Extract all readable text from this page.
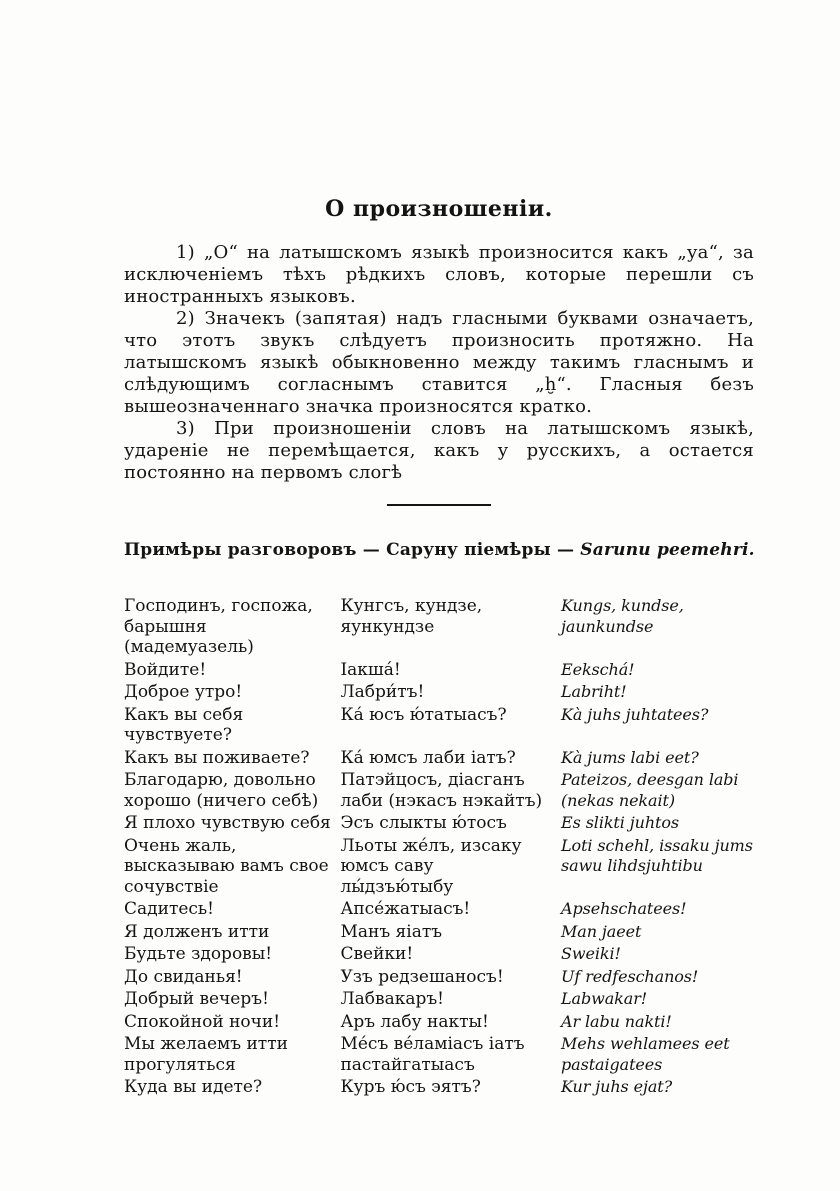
О произношеніи.

1) „О“ на латышскомъ языкѣ произносится какъ „уа“, за исключеніемъ тѣхъ рѣдкихъ словъ, которые перешли съ иностранныхъ языковъ.

2) Значекъ (запятая) надъ гласными буквами означаетъ, что этотъ звукъ слѣдуетъ произносить протяжно. На латышскомъ языкѣ обыкновенно между такимъ гласнымъ и слѣдующимъ согласнымъ ставится „ḫ“. Гласныя безъ вышеозначеннаго значка произносятся кратко.

3) При произношеніи словъ на латышскомъ языкѣ, удареніе не перемѣщается, какъ у русскихъ, а остается постоянно на первомъ слогѣ

Примѣры разговоровъ — Саруну піемѣры — Sarunu peemehri.
Господинъ, госпожа, барышня (мадемуазель)	Кунгсъ, кундзе, яункундзе	Kungs, kundse, jaunkundse
Войдите!	Іакшá!	Eekschá!
Доброе утро!	Лабри́тъ!	Labriht!
Какъ вы себя чувствуете?	Ка́ юсъ ю́татыасъ?	Kà juhs juhtatees?
Какъ вы поживаете?	Ка́ юмсъ лаби іатъ?	Kà jums labi eet?
Благодарю, довольно хорошо (ничего себѣ)	Патэйцосъ, діасганъ лаби (нэкасъ нэкайтъ)	Pateizos, deesgan labi (nekas nekait)
Я плохо чувствую себя	Эсъ слыкты ю́тосъ	Es slikti juhtos
Очень жаль, высказываю вамъ свое сочувствіе	Льоты же́лъ, изсаку юмсъ саву лы́дзъю́тыбу	Loti schehl, issaku jums sawu lihdsjuhtibu
Садитесь!	Апсе́жатыасъ!	Apsehschatees!
Я долженъ итти	Манъ яіатъ	Man jaeet
Будьте здоровы!	Свейки!	Sweiki!
До свиданья!	Узъ редзешаносъ!	Uf redfeschanos!
Добрый вечеръ!	Лабвакаръ!	Labwakar!
Спокойной ночи!	Аръ лабу накты!	Ar labu nakti!
Мы желаемъ итти прогуляться	Ме́съ ве́ламіасъ іатъ пастайгатыасъ	Mehs wehlamees eet pastaigatees
Куда вы идете?	Куръ ю́съ эятъ?	Kur juhs ejat?
